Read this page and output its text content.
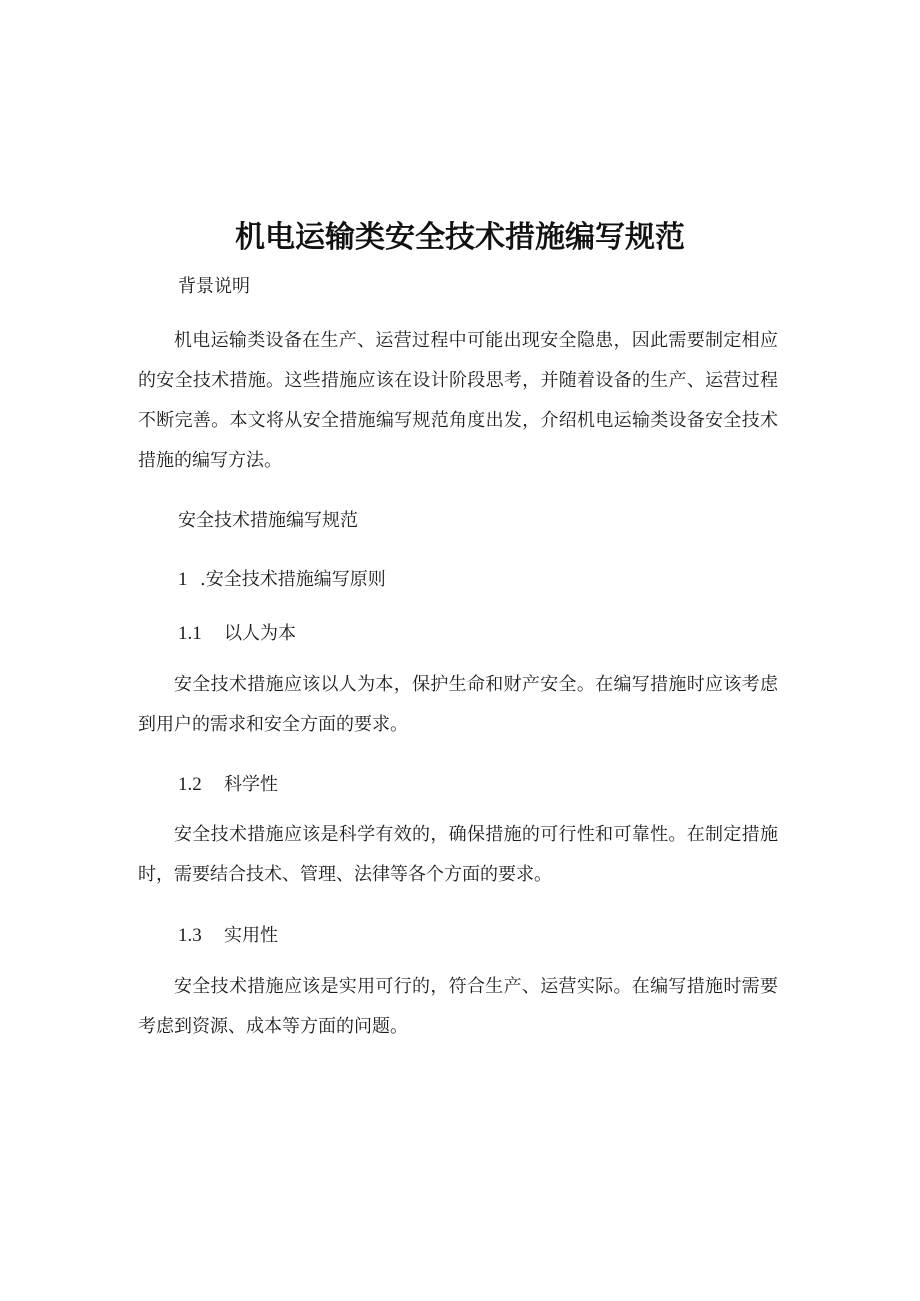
机电运输类安全技术措施编写规范

背景说明

机电运输类设备在生产、运营过程中可能出现安全隐患，因此需要制定相应的安全技术措施。这些措施应该在设计阶段思考，并随着设备的生产、运营过程不断完善。本文将从安全措施编写规范角度出发，介绍机电运输类设备安全技术措施的编写方法。

安全技术措施编写规范

1 .安全技术措施编写原则

1.1 以人为本

安全技术措施应该以人为本，保护生命和财产安全。在编写措施时应该考虑到用户的需求和安全方面的要求。

1.2 科学性

安全技术措施应该是科学有效的，确保措施的可行性和可靠性。在制定措施时，需要结合技术、管理、法律等各个方面的要求。

1.3 实用性

安全技术措施应该是实用可行的，符合生产、运营实际。在编写措施时需要考虑到资源、成本等方面的问题。
